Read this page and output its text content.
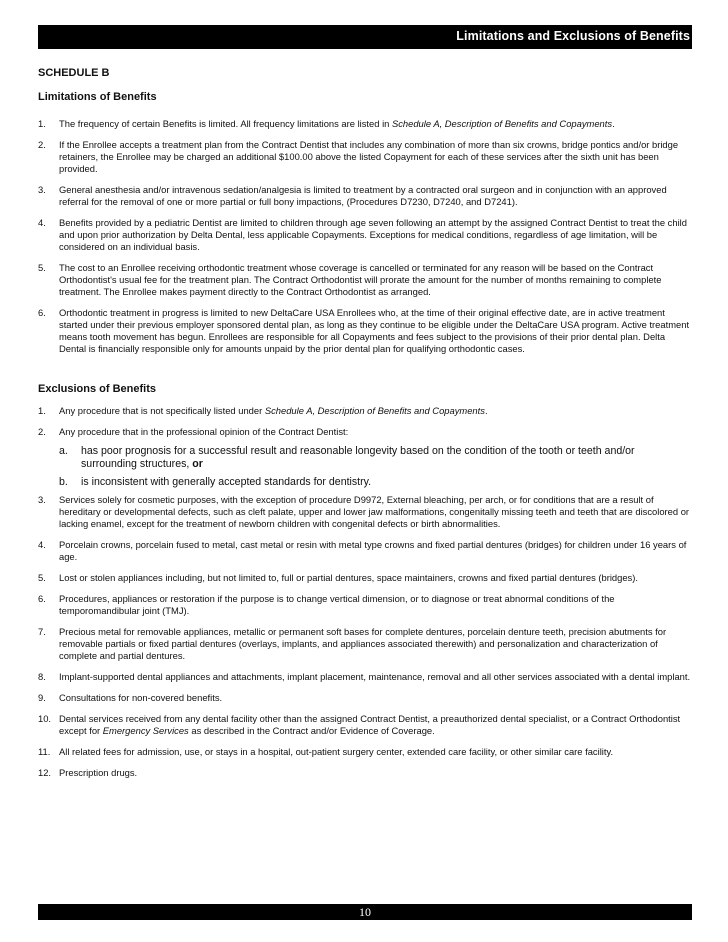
Limitations and Exclusions of Benefits

SCHEDULE B

Limitations of Benefits

1. The frequency of certain Benefits is limited. All frequency limitations are listed in Schedule A, Description of Benefits and Copayments.
2. If the Enrollee accepts a treatment plan from the Contract Dentist that includes any combination of more than six crowns, bridge pontics and/or bridge retainers, the Enrollee may be charged an additional $100.00 above the listed Copayment for each of these services after the sixth unit has been provided.
3. General anesthesia and/or intravenous sedation/analgesia is limited to treatment by a contracted oral surgeon and in conjunction with an approved referral for the removal of one or more partial or full bony impactions, (Procedures D7230, D7240, and D7241).
4. Benefits provided by a pediatric Dentist are limited to children through age seven following an attempt by the assigned Contract Dentist to treat the child and upon prior authorization by Delta Dental, less applicable Copayments. Exceptions for medical conditions, regardless of age limitation, will be considered on an individual basis.
5. The cost to an Enrollee receiving orthodontic treatment whose coverage is cancelled or terminated for any reason will be based on the Contract Orthodontist's usual fee for the treatment plan. The Contract Orthodontist will prorate the amount for the number of months remaining to complete treatment. The Enrollee makes payment directly to the Contract Orthodontist as arranged.
6. Orthodontic treatment in progress is limited to new DeltaCare USA Enrollees who, at the time of their original effective date, are in active treatment started under their previous employer sponsored dental plan, as long as they continue to be eligible under the DeltaCare USA program. Active treatment means tooth movement has begun. Enrollees are responsible for all Copayments and fees subject to the provisions of their prior dental plan. Delta Dental is financially responsible only for amounts unpaid by the prior dental plan for qualifying orthodontic cases.

Exclusions of Benefits

1. Any procedure that is not specifically listed under Schedule A, Description of Benefits and Copayments.
2. Any procedure that in the professional opinion of the Contract Dentist:
a. has poor prognosis for a successful result and reasonable longevity based on the condition of the tooth or teeth and/or surrounding structures, or
b. is inconsistent with generally accepted standards for dentistry.
3. Services solely for cosmetic purposes, with the exception of procedure D9972, External bleaching, per arch, or for conditions that are a result of hereditary or developmental defects, such as cleft palate, upper and lower jaw malformations, congenitally missing teeth and teeth that are discolored or lacking enamel, except for the treatment of newborn children with congenital defects or birth abnormalities.
4. Porcelain crowns, porcelain fused to metal, cast metal or resin with metal type crowns and fixed partial dentures (bridges) for children under 16 years of age.
5. Lost or stolen appliances including, but not limited to, full or partial dentures, space maintainers, crowns and fixed partial dentures (bridges).
6. Procedures, appliances or restoration if the purpose is to change vertical dimension, or to diagnose or treat abnormal conditions of the temporomandibular joint (TMJ).
7. Precious metal for removable appliances, metallic or permanent soft bases for complete dentures, porcelain denture teeth, precision abutments for removable partials or fixed partial dentures (overlays, implants, and appliances associated therewith) and personalization and characterization of complete and partial dentures.
8. Implant-supported dental appliances and attachments, implant placement, maintenance, removal and all other services associated with a dental implant.
9. Consultations for non-covered benefits.
10. Dental services received from any dental facility other than the assigned Contract Dentist, a preauthorized dental specialist, or a Contract Orthodontist except for Emergency Services as described in the Contract and/or Evidence of Coverage.
11. All related fees for admission, use, or stays in a hospital, out-patient surgery center, extended care facility, or other similar care facility.
12. Prescription drugs.
10
